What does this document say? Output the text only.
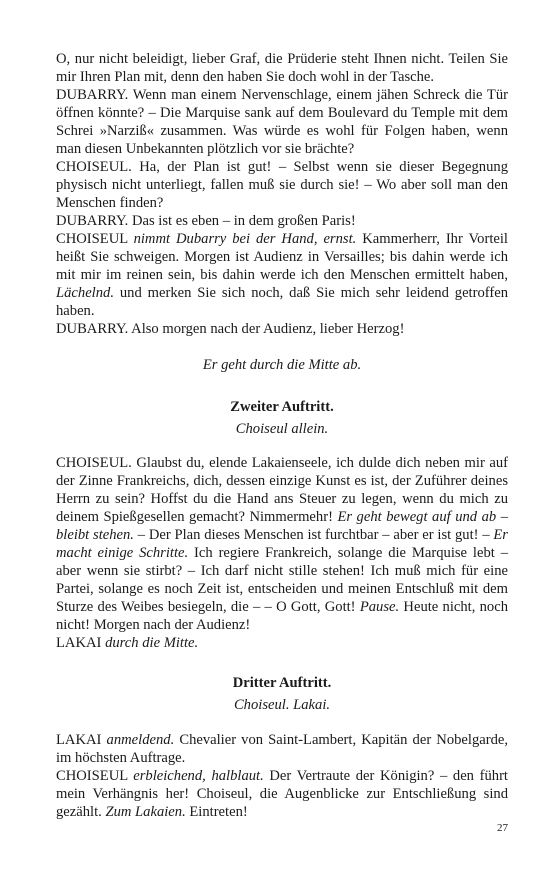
O, nur nicht beleidigt, lieber Graf, die Prüderie steht Ihnen nicht. Teilen Sie mir Ihren Plan mit, denn den haben Sie doch wohl in der Tasche.

DUBARRY. Wenn man einem Nervenschlage, einem jähen Schreck die Tür öffnen könnte? – Die Marquise sank auf dem Boulevard du Temple mit dem Schrei »Narziß« zusammen. Was würde es wohl für Folgen haben, wenn man diesen Unbekannten plötzlich vor sie brächte?

CHOISEUL. Ha, der Plan ist gut! – Selbst wenn sie dieser Begegnung physisch nicht unterliegt, fallen muß sie durch sie! – Wo aber soll man den Menschen finden?

DUBARRY. Das ist es eben – in dem großen Paris!

CHOISEUL nimmt Dubarry bei der Hand, ernst. Kammerherr, Ihr Vorteil heißt Sie schweigen. Morgen ist Audienz in Versailles; bis dahin werde ich mit mir im reinen sein, bis dahin werde ich den Menschen ermittelt haben, Lächelnd. und merken Sie sich noch, daß Sie mich sehr leidend getroffen haben.

DUBARRY. Also morgen nach der Audienz, lieber Herzog!

Er geht durch die Mitte ab.

Zweiter Auftritt.

Choiseul allein.

CHOISEUL. Glaubst du, elende Lakaienseele, ich dulde dich neben mir auf der Zinne Frankreichs, dich, dessen einzige Kunst es ist, der Zuführer deines Herrn zu sein? Hoffst du die Hand ans Steuer zu legen, wenn du mich zu deinem Spießgesellen gemacht? Nimmermehr! Er geht bewegt auf und ab – bleibt stehen. – Der Plan dieses Menschen ist furchtbar – aber er ist gut! – Er macht einige Schritte. Ich regiere Frankreich, solange die Marquise lebt – aber wenn sie stirbt? – Ich darf nicht stille stehen! Ich muß mich für eine Partei, solange es noch Zeit ist, entscheiden und meinen Entschluß mit dem Sturze des Weibes besiegeln, die – – O Gott, Gott! Pause. Heute nicht, noch nicht! Morgen nach der Audienz!

LAKAI durch die Mitte.

Dritter Auftritt.

Choiseul. Lakai.

LAKAI anmeldend. Chevalier von Saint-Lambert, Kapitän der Nobelgarde, im höchsten Auftrage.

CHOISEUL erbleichend, halblaut. Der Vertraute der Königin? – den führt mein Verhängnis her! Choiseul, die Augenblicke zur Entschließung sind gezählt. Zum Lakaien. Eintreten!

27
